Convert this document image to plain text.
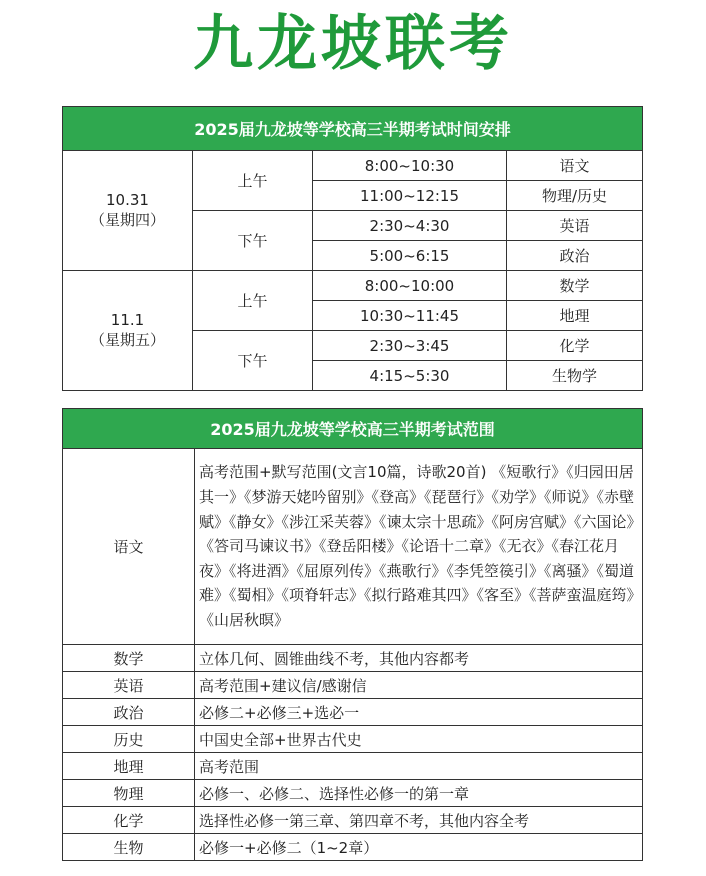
九龙坡联考

2025届九龙坡等学校高三半期考试时间安排			

10.31
（星期四）	上午	8:00~10:30	语文
		11:00~12:15	物理/历史
	下午	2:30~4:30	英语
		5:00~6:15	政治

11.1
（星期五）	上午	8:00~10:00	数学
		10:30~11:45	地理
	下午	2:30~3:45	化学
		4:15~5:30	生物学
2025届九龙坡等学校高三半期考试范围	
语文	高考范围+默写范围(文言10篇，诗歌20首) 《短歌行》《归园田居其一》《梦游天姥吟留别》《登高》《琵琶行》《劝学》《师说》《赤壁赋》《静女》《涉江采芙蓉》《谏太宗十思疏》《阿房宫赋》《六国论》《答司马谏议书》《登岳阳楼》《论语十二章》《无衣》《春江花月夜》《将进酒》《屈原列传》《燕歌行》《李凭箜篌引》《离骚》《蜀道难》《蜀相》《项脊轩志》《拟行路难其四》《客至》《菩萨蛮温庭筠》《山居秋暝》
数学	立体几何、圆锥曲线不考，其他内容都考
英语	高考范围+建议信/感谢信
政治	必修二+必修三+选必一
历史	中国史全部+世界古代史
地理	高考范围
物理	必修一、必修二、选择性必修一的第一章
化学	选择性必修一第三章、第四章不考，其他内容全考
生物	必修一+必修二（1~2章）
